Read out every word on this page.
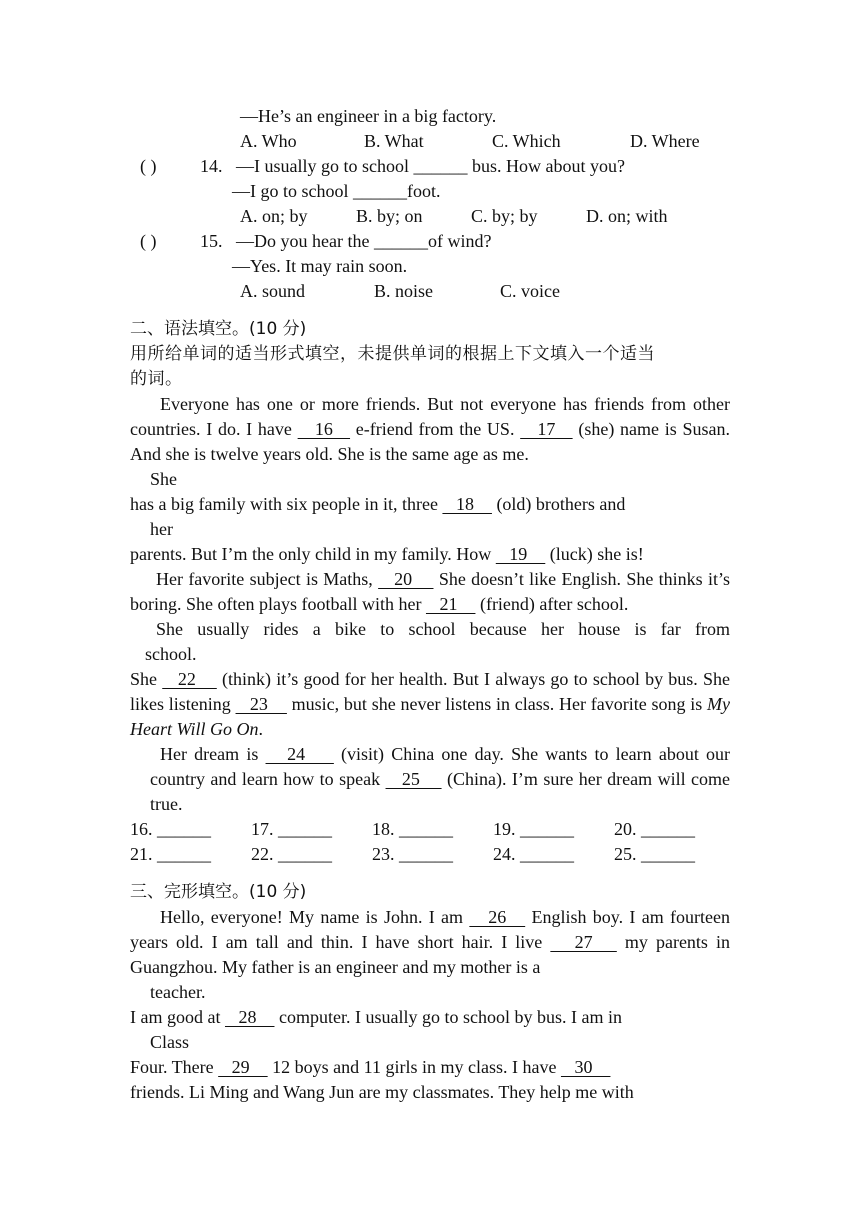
—He’s an engineer in a big factory.
A. Who	B. What	C. Which	D. Where
( ) 14. —I usually go to school ______ bus. How about you?
—I go to school ______foot.
A. on; by	B. by; on	C. by; by	D. on; with
( ) 15. —Do you hear the ______of wind?
—Yes. It may rain soon.
A. sound	B. noise	C. voice
二、语法填空。(10 分)
用所给单词的适当形式填空，未提供单词的根据上下文填入一个适当
的词。
Everyone has one or more friends. But not everyone has friends from other countries. I do. I have    16    e-friend from the US.    17    (she) name is Susan. And she is twelve years old. She is the same age as me.
She
has a big family with six people in it, three    18     (old) brothers and
her
parents. But I’m the only child in my family. How    19     (luck) she is!
Her favorite subject is Maths,    20     She doesn’t like English. She thinks it’s boring. She often plays football with her    21     (friend) after school.
She usually rides a bike to school because her house is far from
school.
She    22     (think) it’s good for her health. But I always go to school by bus. She likes listening    23     music, but she never listens in class. Her favorite song is My Heart Will Go On.
Her dream is    24     (visit) China one day. She wants to learn about our country and learn how to speak    25     (China). I’m sure her dream will come true.
16. ______ 17. ______ 18. ______ 19. ______ 20. ______
21. ______ 22. ______ 23. ______ 24. ______ 25. ______
三、完形填空。(10 分)
Hello, everyone! My name is John. I am    26    English boy. I am fourteen years old. I am tall and thin. I have short hair. I live    27    my parents in Guangzhou. My father is an engineer and my mother is a
teacher.
I am good at    28     computer. I usually go to school by bus. I am in
Class
Four. There    29     12 boys and 11 girls in my class. I have    30
friends. Li Ming and Wang Jun are my classmates. They help me with
